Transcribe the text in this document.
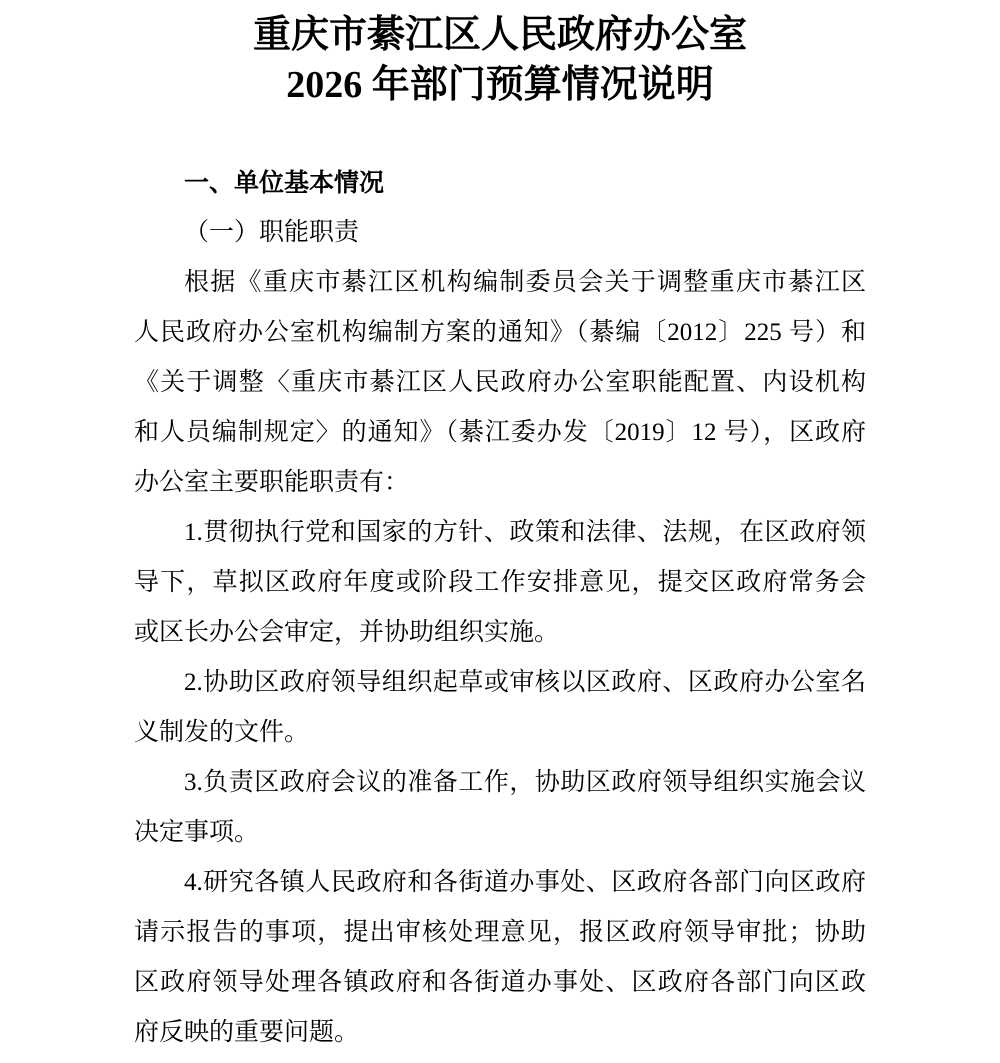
重庆市綦江区人民政府办公室
2026 年部门预算情况说明
一、单位基本情况
（一）职能职责
根据《重庆市綦江区机构编制委员会关于调整重庆市綦江区
人民政府办公室机构编制方案的通知》（綦编〔2012〕225 号）和
《关于调整〈重庆市綦江区人民政府办公室职能配置、内设机构
和人员编制规定〉的通知》（綦江委办发〔2019〕12 号），区政府
办公室主要职能职责有：
1.贯彻执行党和国家的方针、政策和法律、法规，在区政府领
导下，草拟区政府年度或阶段工作安排意见，提交区政府常务会
或区长办公会审定，并协助组织实施。
2.协助区政府领导组织起草或审核以区政府、区政府办公室名
义制发的文件。
3.负责区政府会议的准备工作，协助区政府领导组织实施会议
决定事项。
4.研究各镇人民政府和各街道办事处、区政府各部门向区政府
请示报告的事项，提出审核处理意见，报区政府领导审批；协助
区政府领导处理各镇政府和各街道办事处、区政府各部门向区政
府反映的重要问题。
